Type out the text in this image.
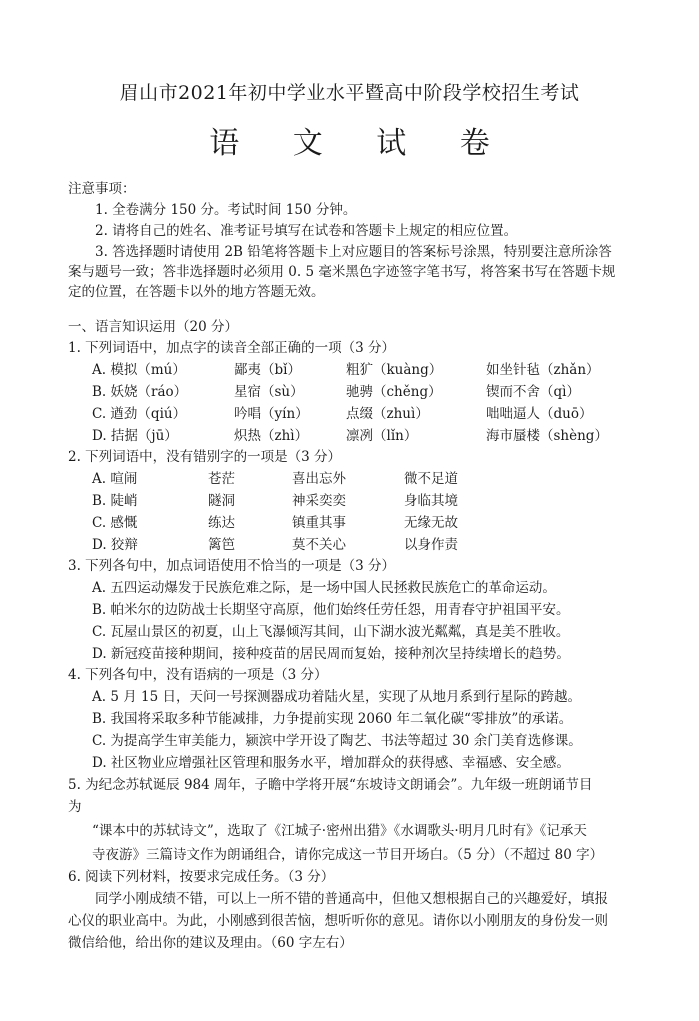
眉山市2021年初中学业水平暨高中阶段学校招生考试
语 文 试 卷
注意事项：
1. 全卷满分 150 分。考试时间 150 分钟。
2. 请将自己的姓名、准考证号填写在试卷和答题卡上规定的相应位置。
3. 答选择题时请使用 2B 铅笔将答题卡上对应题目的答案标号涂黑，特别要注意所涂答
案与题号一致；答非选择题时必须用 0. 5 毫米黑色字迹签字笔书写，将答案书写在答题卡规
定的位置，在答题卡以外的地方答题无效。
一、语言知识运用（20 分）
1. 下列词语中，加点字的读音全部正确的一项（3 分）
A. 模拟（mú）	鄙夷（bǐ）	粗犷（kuàng）	如坐针毡（zhǎn）
B. 妖娆（ráo）	星宿（sù）	驰骋（chěng）	锲而不舍（qì）
C. 遒劲（qiú）	吟唱（yín）	点缀（zhuì）	咄咄逼人（duō）
D. 拮据（jū）	炽热（zhì）	凛冽（lǐn）	海市蜃楼（shèng）
2. 下列词语中，没有错别字的一项是（3 分）
A. 喧闹	苍茫	喜出忘外	微不足道
B. 陡峭	隧洞	神采奕奕	身临其境
C. 感慨	练达	镇重其事	无缘无故
D. 狡辩	篱笆	莫不关心	以身作责
3. 下列各句中，加点词语使用不恰当的一项是（3 分）
A. 五四运动爆发于民族危难之际，是一场中国人民拯救民族危亡的革命运动。
B. 帕米尔的边防战士长期坚守高原，他们始终任劳任怨，用青春守护祖国平安。
C. 瓦屋山景区的初夏，山上飞瀑倾泻其间，山下湖水波光粼粼，真是美不胜收。
D. 新冠疫苗接种期间，接种疫苗的居民周而复始，接种剂次呈持续增长的趋势。
4. 下列各句中，没有语病的一项是（3 分）
A. 5 月 15 日，天问一号探测器成功着陆火星，实现了从地月系到行星际的跨越。
B. 我国将采取多种节能减排，力争提前实现 2060 年二氧化碳“零排放”的承诺。
C. 为提高学生审美能力，颍滨中学开设了陶艺、书法等超过 30 余门美育选修课。
D. 社区物业应增强社区管理和服务水平，增加群众的获得感、幸福感、安全感。
5. 为纪念苏轼诞辰 984 周年，子瞻中学将开展“东坡诗文朗诵会”。九年级一班朗诵节目
为
“课本中的苏轼诗文”，选取了《江城子·密州出猎》《水调歌头·明月几时有》《记承天
寺夜游》三篇诗文作为朗诵组合，请你完成这一节目开场白。（5 分）（不超过 80 字）
6. 阅读下列材料，按要求完成任务。（3 分）
同学小刚成绩不错，可以上一所不错的普通高中，但他又想根据自己的兴趣爱好，填报
心仪的职业高中。为此，小刚感到很苦恼，想听听你的意见。请你以小刚朋友的身份发一则
微信给他，给出你的建议及理由。（60 字左右）
